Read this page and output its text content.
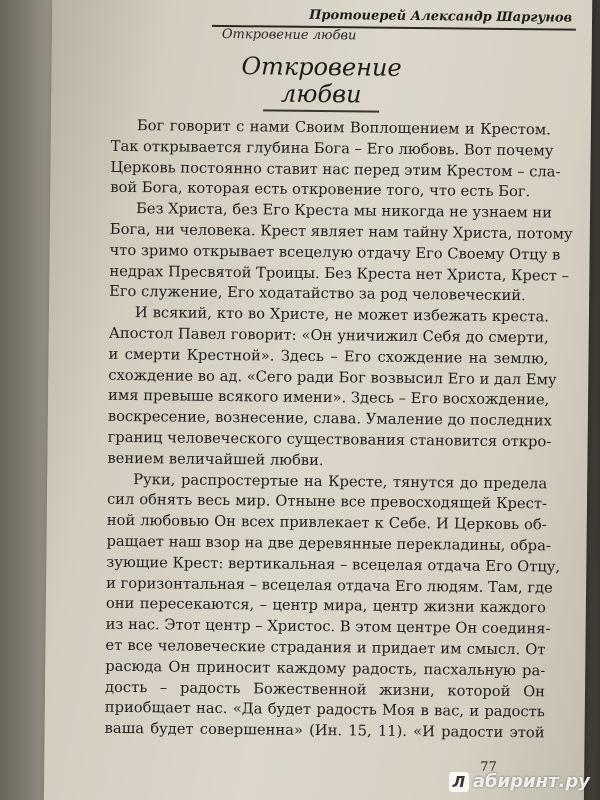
Протоиерей Александр Шаргунов
Откровение любви
Откровение
любви
Бог говорит с нами Своим Воплощением и Крестом.
Так открывается глубина Бога – Его любовь. Вот почему
Церковь постоянно ставит нас перед этим Крестом – сла-
вой Бога, которая есть откровение того, что есть Бог.
Без Христа, без Его Креста мы никогда не узнаем ни
Бога, ни человека. Крест являет нам тайну Христа, потому
что зримо открывает всецелую отдачу Его Своему Отцу в
недрах Пресвятой Троицы. Без Креста нет Христа, Крест –
Его служение, Его ходатайство за род человеческий.
И всякий, кто во Христе, не может избежать креста.
Апостол Павел говорит: «Он уничижил Себя до смерти,
и смерти Крестной». Здесь – Его схождение на землю,
схождение во ад. «Сего ради Бог возвысил Его и дал Ему
имя превыше всякого имени». Здесь – Его восхождение,
воскресение, вознесение, слава. Умаление до последних
границ человеческого существования становится откро-
вением величайшей любви.
Руки, распростертые на Кресте, тянутся до предела
сил обнять весь мир. Отныне все превосходящей Крест-
ной любовью Он всех привлекает к Себе. И Церковь об-
ращает наш взор на две деревянные перекладины, обра-
зующие Крест: вертикальная – всецелая отдача Его Отцу,
и горизонтальная – всецелая отдача Его людям. Там, где
они пересекаются, – центр мира, центр жизни каждого
из нас. Этот центр – Христос. В этом центре Он соединя-
ет все человеческие страдания и придает им смысл. От
расюда Он приносит каждому радость, пасхальную ра-
дость – радость Божественной жизни, которой Он
приобщает нас. «Да будет радость Моя в вас, и радость
ваша будет совершенна» (Ин. 15, 11). «И радости этой
77
Л абиринт.ру
